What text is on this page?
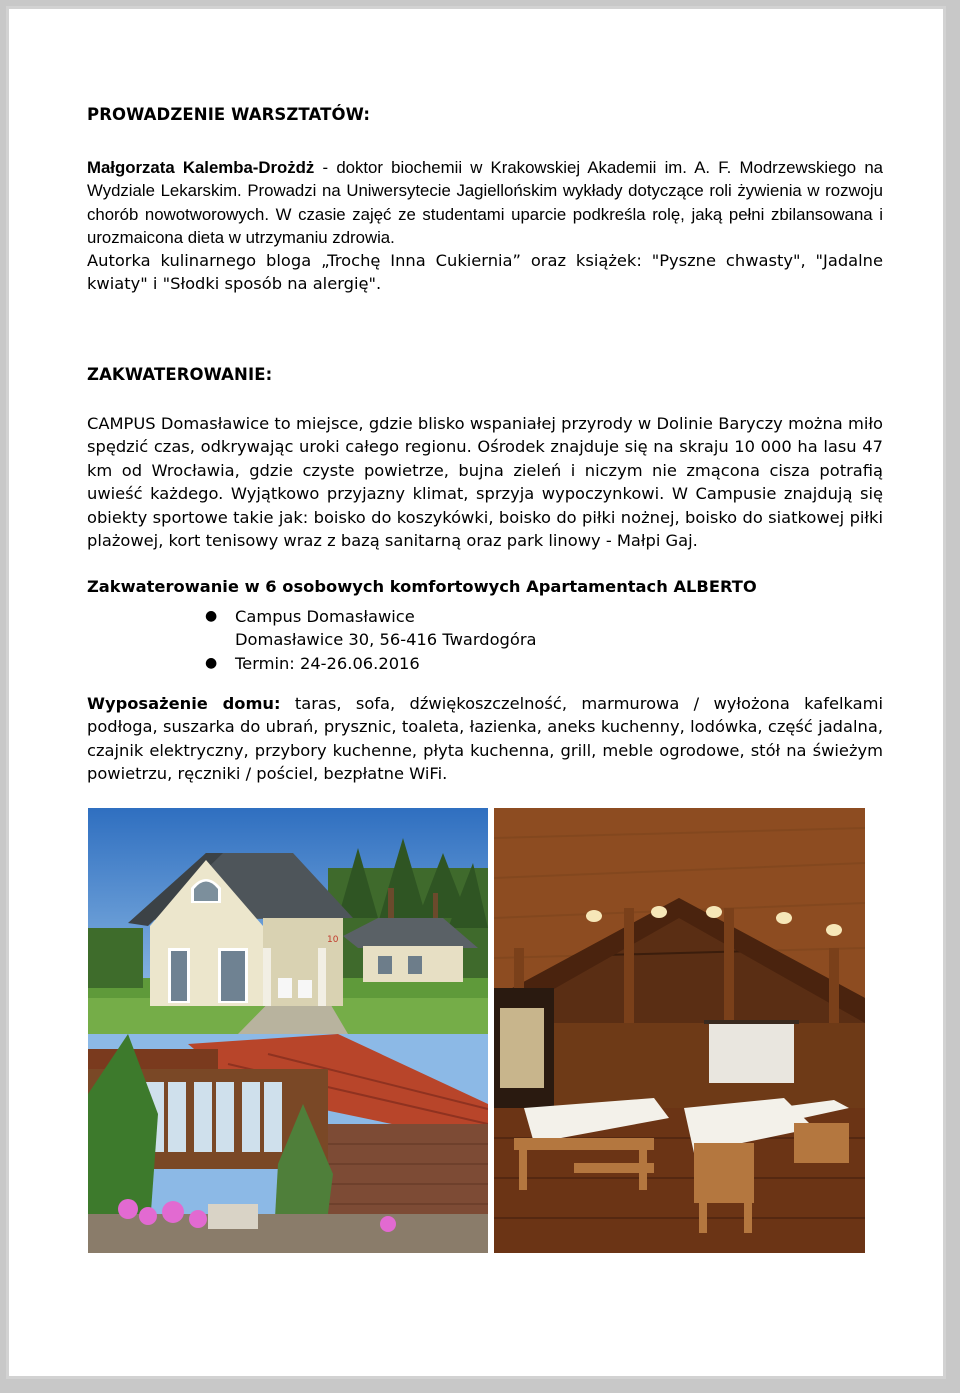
PROWADZENIE WARSZTATÓW:

Małgorzata Kalemba-Drożdż - doktor biochemii w Krakowskiej Akademii im. A. F. Modrzewskiego na Wydziale Lekarskim. Prowadzi na Uniwersytecie Jagiellońskim wykłady dotyczące roli żywienia w rozwoju chorób nowotworowych. W czasie zajęć ze studentami uparcie podkreśla rolę, jaką pełni zbilansowana i urozmaicona dieta w utrzymaniu zdrowia.

Autorka kulinarnego bloga „Trochę Inna Cukiernia” oraz książek: "Pyszne chwasty", "Jadalne kwiaty" i "Słodki sposób na alergię".

ZAKWATEROWANIE:

CAMPUS Domasławice to miejsce, gdzie blisko wspaniałej przyrody w Dolinie Baryczy można miło spędzić czas, odkrywając uroki całego regionu. Ośrodek znajduje się na skraju 10 000 ha lasu 47 km od Wrocławia, gdzie czyste powietrze, bujna zieleń i niczym nie zmącona cisza potrafią uwieść każdego. Wyjątkowo przyjazny klimat, sprzyja wypoczynkowi. W Campusie znajdują się obiekty sportowe takie jak: boisko do koszykówki, boisko do piłki nożnej, boisko do siatkowej piłki plażowej, kort tenisowy wraz z bazą sanitarną oraz park linowy - Małpi Gaj.

Zakwaterowanie w 6 osobowych komfortowych Apartamentach ALBERTO

● Campus Domasławice
Domasławice 30, 56-416 Twardogóra
● Termin: 24-26.06.2016

Wyposażenie domu: taras, sofa, dźwiękoszczelność, marmurowa / wyłożona kafelkami podłoga, suszarka do ubrań, prysznic, toaleta, łazienka, aneks kuchenny, lodówka, część jadalna, czajnik elektryczny, przybory kuchenne, płyta kuchenna, grill, meble ogrodowe, stół na świeżym powietrzu, ręczniki / pościel, bezpłatne WiFi.

10
